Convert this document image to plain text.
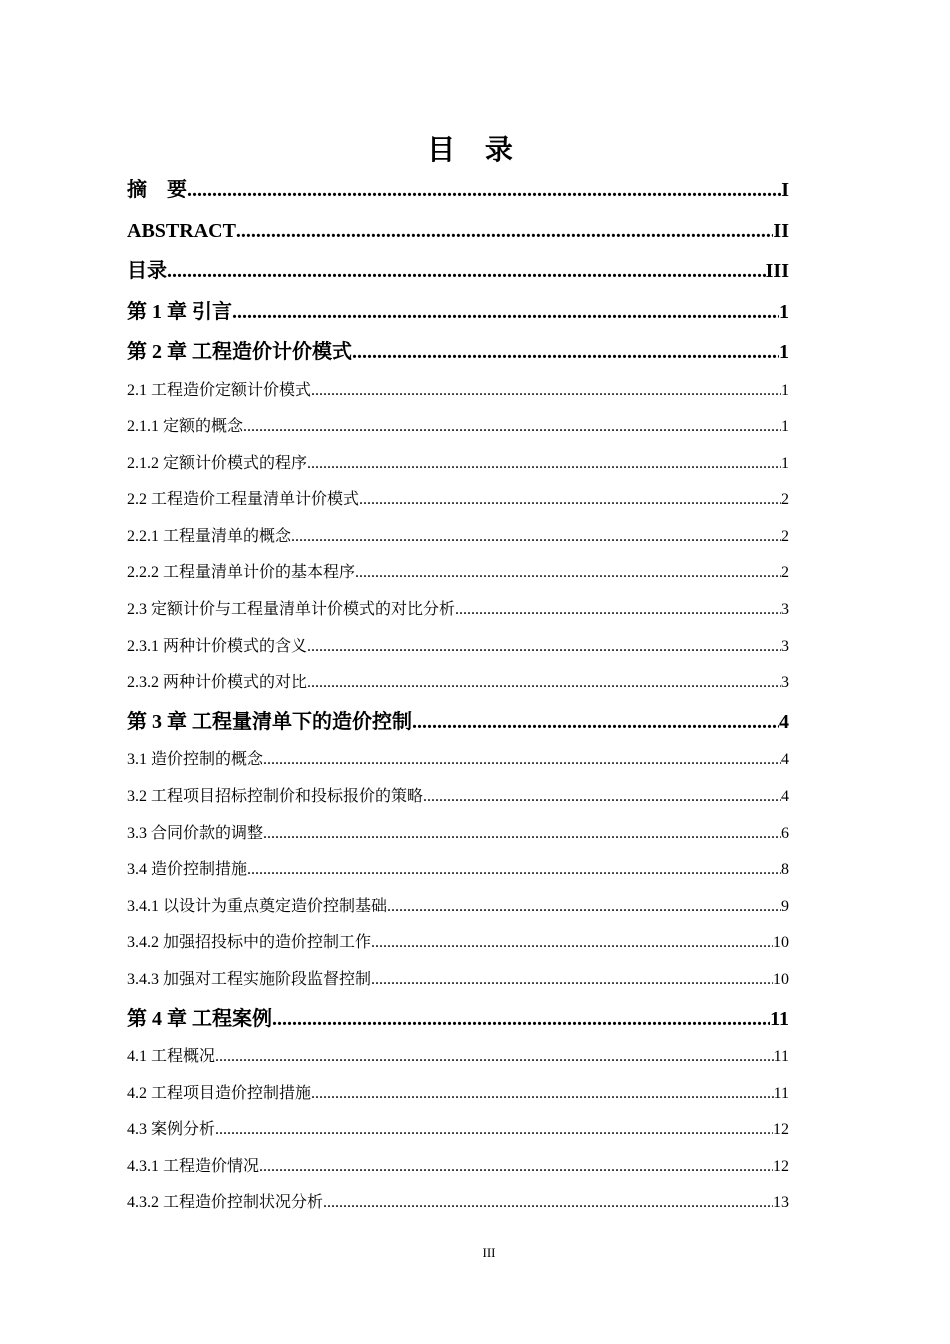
目 录
摘　要 .....	I
ABSTRACT .....	II
目录 .....	III
第 1 章 引言 .....	1
第 2 章 工程造价计价模式 .....	1
2.1 工程造价定额计价模式 .....	1
2.1.1 定额的概念 .....	1
2.1.2 定额计价模式的程序 .....	1
2.2 工程造价工程量清单计价模式 .....	2
2.2.1 工程量清单的概念 .....	2
2.2.2 工程量清单计价的基本程序 .....	2
2.3 定额计价与工程量清单计价模式的对比分析 .....	3
2.3.1 两种计价模式的含义 .....	3
2.3.2 两种计价模式的对比 .....	3
第 3 章 工程量清单下的造价控制 .....	4
3.1 造价控制的概念 .....	4
3.2 工程项目招标控制价和投标报价的策略 .....	4
3.3 合同价款的调整 .....	6
3.4 造价控制措施 .....	8
3.4.1 以设计为重点奠定造价控制基础 .....	9
3.4.2 加强招投标中的造价控制工作 .....	10
3.4.3 加强对工程实施阶段监督控制 .....	10
第 4 章 工程案例 .....	11
4.1 工程概况 .....	11
4.2 工程项目造价控制措施 .....	11
4.3 案例分析 .....	12
4.3.1 工程造价情况 .....	12
4.3.2 工程造价控制状况分析 .....	13
III
